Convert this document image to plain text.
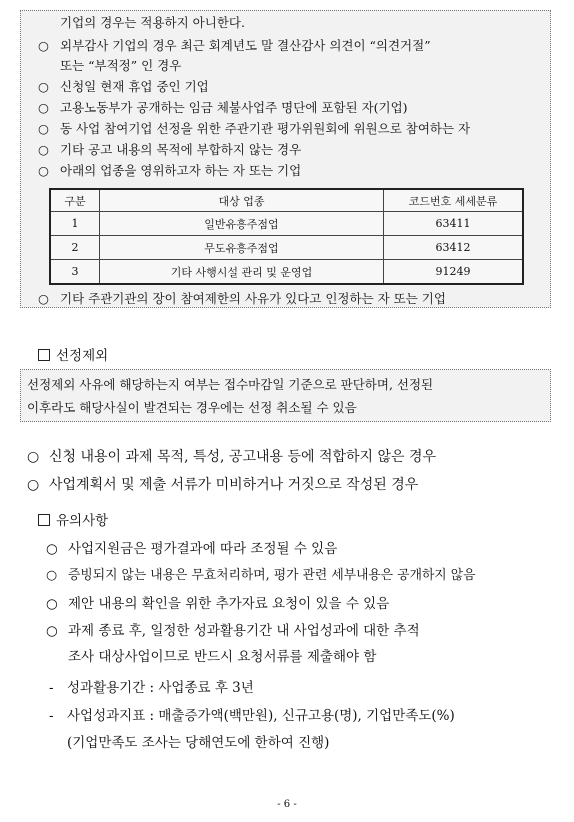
기업의 경우는 적용하지 아니한다.
○ 외부감사 기업의 경우 최근 회계년도 말 결산감사 의견이 “의견거절”
또는 “부적정” 인 경우
○ 신청일 현재 휴업 중인 기업
○ 고용노동부가 공개하는 임금 체불사업주 명단에 포함된 자(기업)
○ 동 사업 참여기업 선정을 위한 주관기관 평가위원회에 위원으로 참여하는 자
○ 기타 공고 내용의 목적에 부합하지 않는 경우
○ 아래의 업종을 영위하고자 하는 자 또는 기업
구분	대상 업종	코드번호 세세분류
1	일반유흥주점업	63411
2	무도유흥주점업	63412
3	기타 사행시설 관리 및 운영업	91249
○ 기타 주관기관의 장이 참여제한의 사유가 있다고 인정하는 자 또는 기업
선정제외
선정제외 사유에 해당하는지 여부는 접수마감일 기준으로 판단하며, 선정된
이후라도 해당사실이 발견되는 경우에는 선정 취소될 수 있음
○ 신청 내용이 과제 목적, 특성, 공고내용 등에 적합하지 않은 경우
○ 사업계획서 및 제출 서류가 미비하거나 거짓으로 작성된 경우
유의사항
○ 사업지원금은 평가결과에 따라 조정될 수 있음
○ 증빙되지 않는 내용은 무효처리하며, 평가 관련 세부내용은 공개하지 않음
○ 제안 내용의 확인을 위한 추가자료 요청이 있을 수 있음
○ 과제 종료 후, 일정한 성과활용기간 내 사업성과에 대한 추적
조사 대상사업이므로 반드시 요청서류를 제출해야 함
- 성과활용기간 : 사업종료 후 3년
- 사업성과지표 : 매출증가액(백만원), 신규고용(명), 기업만족도(%)
(기업만족도 조사는 당해연도에 한하여 진행)
- 6 -
